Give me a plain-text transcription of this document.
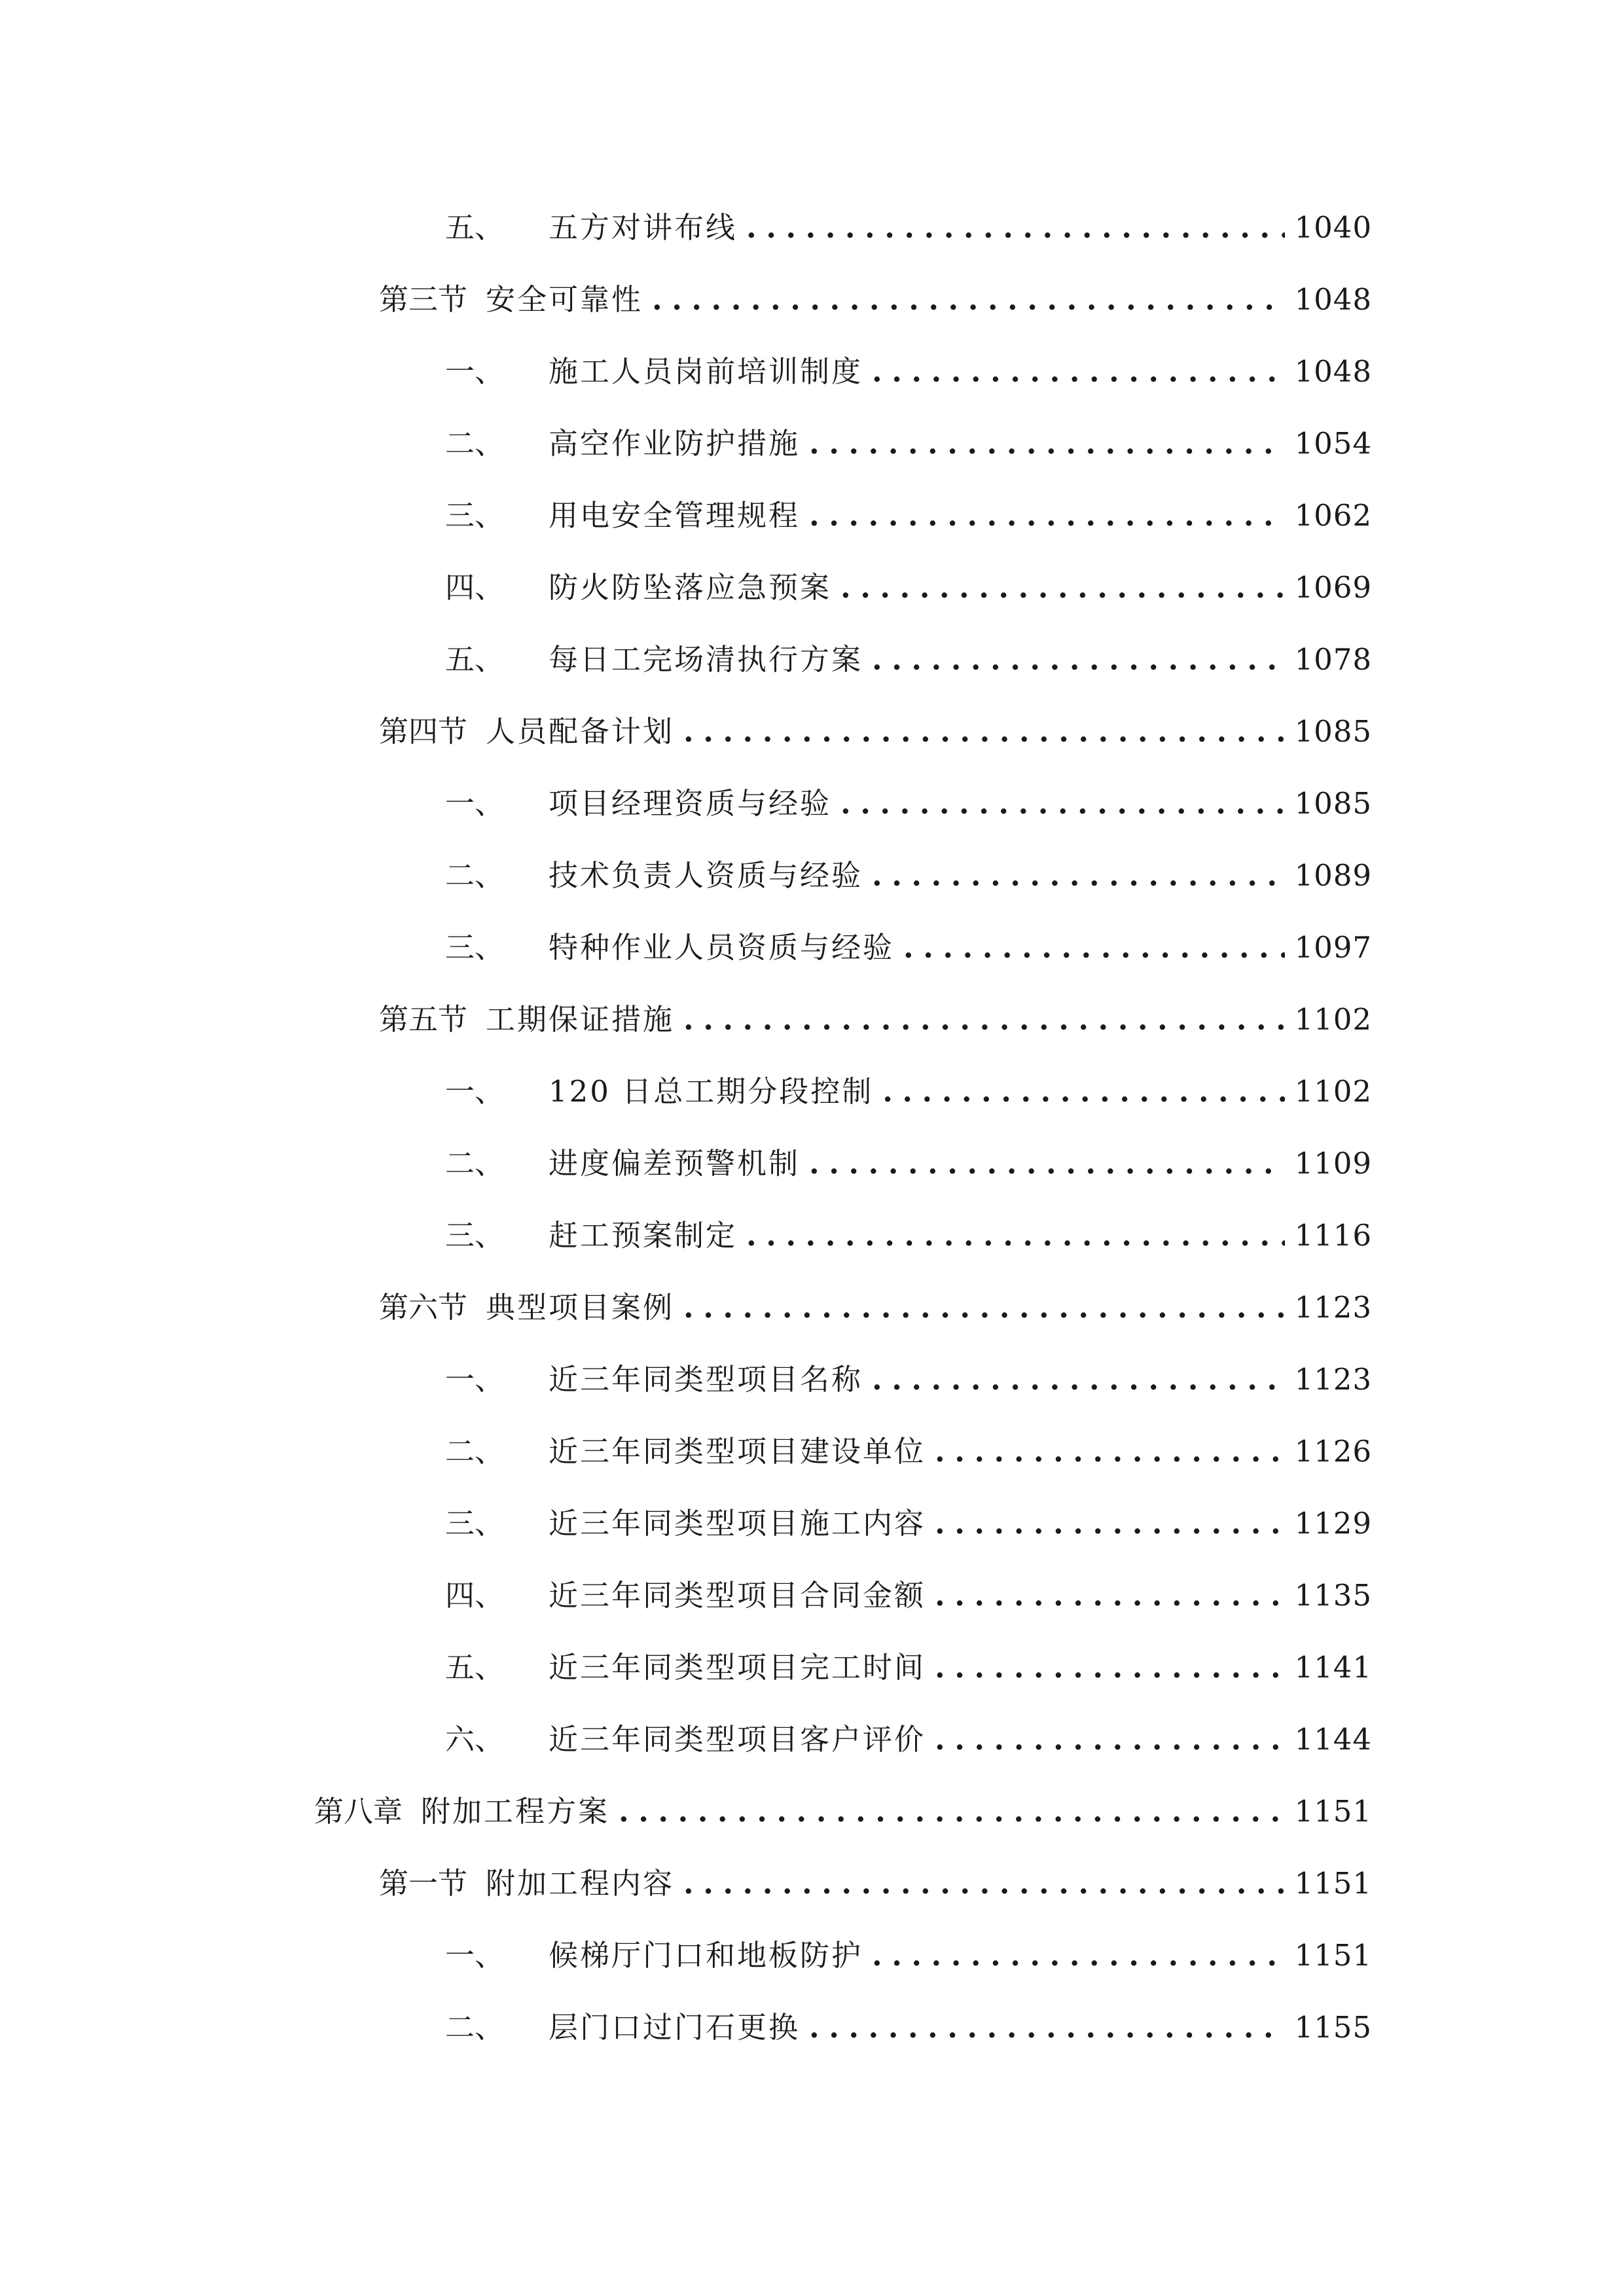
五、 五方对讲布线 .....	1040
第三节 安全可靠性 .....	1048
一、 施工人员岗前培训制度 .....	1048
二、 高空作业防护措施 .....	1054
三、 用电安全管理规程 .....	1062
四、 防火防坠落应急预案 .....	1069
五、 每日工完场清执行方案 .....	1078
第四节 人员配备计划 .....	1085
一、 项目经理资质与经验 .....	1085
二、 技术负责人资质与经验 .....	1089
三、 特种作业人员资质与经验 .....	1097
第五节 工期保证措施 .....	1102
一、 120 日总工期分段控制 .....	1102
二、 进度偏差预警机制 .....	1109
三、 赶工预案制定 .....	1116
第六节 典型项目案例 .....	1123
一、 近三年同类型项目名称 .....	1123
二、 近三年同类型项目建设单位 .....	1126
三、 近三年同类型项目施工内容 .....	1129
四、 近三年同类型项目合同金额 .....	1135
五、 近三年同类型项目完工时间 .....	1141
六、 近三年同类型项目客户评价 .....	1144
第八章 附加工程方案 .....	1151
第一节 附加工程内容 .....	1151
一、 候梯厅门口和地板防护 .....	1151
二、 层门口过门石更换 .....	1155
